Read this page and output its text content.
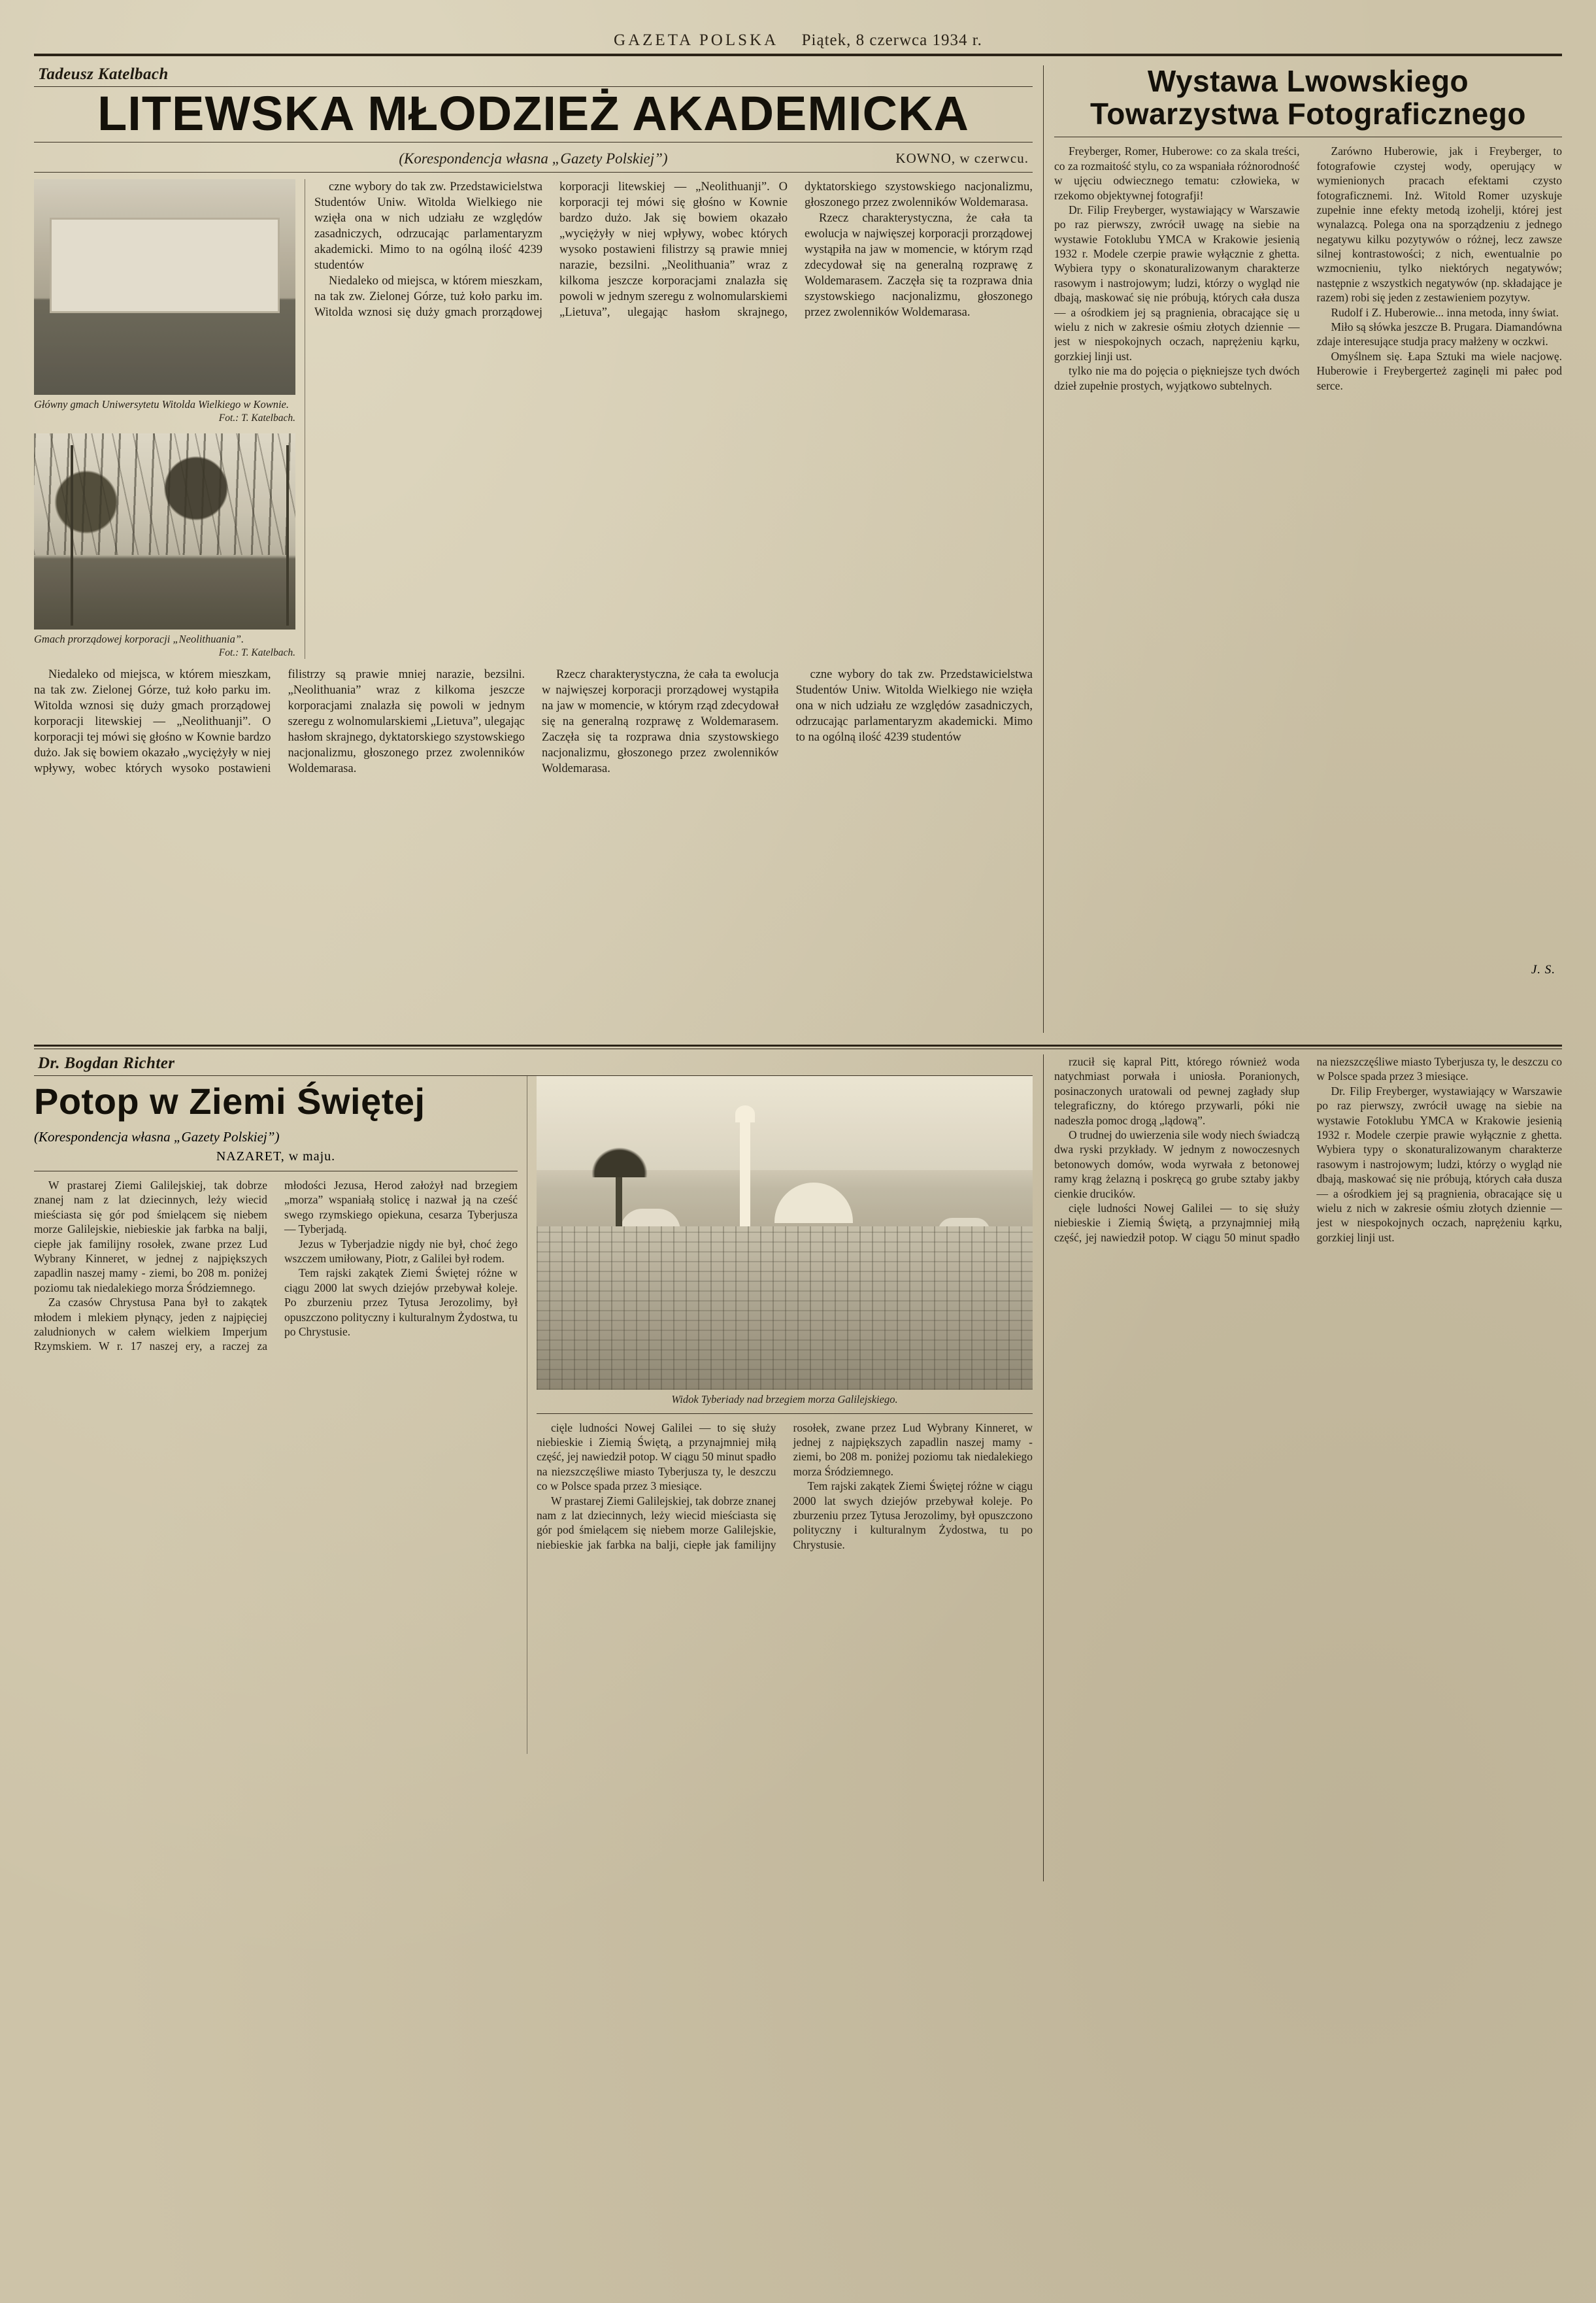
GAZETA POLSKA Piątek, 8 czerwca 1934 r.
Tadeusz Katelbach
LITEWSKA MŁODZIEŻ AKADEMICKA
(Korespondencja własna „Gazety Polskiej”)	KOWNO, w czerwcu.
Główny gmach Uniwersytetu Witolda Wielkiego w Kownie.
Fot.: T. Katelbach.
Gmach prorządowej korporacji „Neolithuania”.
Fot.: T. Katelbach.

czne wybory do tak zw. Przedstawicielstwa Studentów Uniw. Witolda Wielkiego nie wzięła ona w nich udziału ze względów zasadniczych, odrzucając parlamentaryzm akademicki. Mimo to na ogólną ilość 4239 studentów

Niedaleko od miejsca, w którem mieszkam, na tak zw. Zielonej Górze, tuż koło parku im. Witolda wznosi się duży gmach prorządowej korporacji litewskiej — „Neolithuanji”. O korporacji tej mówi się głośno w Kownie bardzo dużo. Jak się bowiem okazało „wyciężyły w niej wpływy, wobec których wysoko postawieni filistrzy są prawie mniej narazie, bezsilni. „Neolithuania” wraz z kilkoma jeszcze korporacjami znalazła się powoli w jednym szeregu z wolnomularskiemi „Lietuva”, ulegając hasłom skrajnego, dyktatorskiego szystowskiego nacjonalizmu, głoszonego przez zwolenników Woldemarasa.

Rzecz charakterystyczna, że cała ta ewolucja w najwięszej korporacji prorządowej wystąpiła na jaw w momencie, w którym rząd zdecydował się na generalną rozprawę z Woldemarasem. Zaczęła się ta rozprawa dnia szystowskiego nacjonalizmu, głoszonego przez zwolenników Woldemarasa.

Niedaleko od miejsca, w którem mieszkam, na tak zw. Zielonej Górze, tuż koło parku im. Witolda wznosi się duży gmach prorządowej korporacji litewskiej — „Neolithuanji”. O korporacji tej mówi się głośno w Kownie bardzo dużo. Jak się bowiem okazało „wyciężyły w niej wpływy, wobec których wysoko postawieni filistrzy są prawie mniej narazie, bezsilni. „Neolithuania” wraz z kilkoma jeszcze korporacjami znalazła się powoli w jednym szeregu z wolnomularskiemi „Lietuva”, ulegając hasłom skrajnego, dyktatorskiego szystowskiego nacjonalizmu, głoszonego przez zwolenników Woldemarasa.

Rzecz charakterystyczna, że cała ta ewolucja w najwięszej korporacji prorządowej wystąpiła na jaw w momencie, w którym rząd zdecydował się na generalną rozprawę z Woldemarasem. Zaczęła się ta rozprawa dnia szystowskiego nacjonalizmu, głoszonego przez zwolenników Woldemarasa.

czne wybory do tak zw. Przedstawicielstwa Studentów Uniw. Witolda Wielkiego nie wzięła ona w nich udziału ze względów zasadniczych, odrzucając parlamentaryzm akademicki. Mimo to na ogólną ilość 4239 studentów

Wystawa Lwowskiego Towarzystwa Fotograficznego

Freyberger, Romer, Huberowe: co za skala treści, co za rozmaitość stylu, co za wspaniała różnorodność w ujęciu odwiecznego tematu: człowieka, w rzekomo objektywnej fotografji!

Dr. Filip Freyberger, wystawiający w Warszawie po raz pierwszy, zwrócił uwagę na siebie na wystawie Fotoklubu YMCA w Krakowie jesienią 1932 r. Modele czerpie prawie wyłącznie z ghetta. Wybiera typy o skonaturalizowanym charakterze rasowym i nastrojowym; ludzi, którzy o wygląd nie dbają, maskować się nie próbują, których cała dusza — a ośrodkiem jej są pragnienia, obracające się u wielu z nich w zakresie ośmiu złotych dziennie — jest w niespokojnych oczach, naprężeniu kąrku, gorzkiej linji ust.

tylko nie ma do pojęcia o piękniejsze tych dwóch dzieł zupełnie prostych, wyjątkowo subtelnych.

Zarówno Huberowie, jak i Freyberger, to fotografowie czystej wody, operujący w wymienionych pracach efektami czysto fotograficznemi. Inż. Witold Romer uzyskuje zupełnie inne efekty metodą izohelji, której jest wynalazcą. Polega ona na sporządzeniu z jednego negatywu kilku pozytywów o różnej, lecz zawsze silnej kontrastowości; z nich, ewentualnie po wzmocnieniu, tylko niektórych negatywów; następnie z wszystkich negatywów (np. składające je razem) robi się jeden z zestawieniem pozytyw.

Rudolf i Z. Huberowie... inna metoda, inny świat.

Miło są słówka jeszcze B. Prugara. Diamandówna zdaje interesujące studja pracy małżeny w oczkwi.

Omyślnem się. Łapa Sztuki ma wiele nacjowę. Huberowie i Freybergerteż zaginęli mi pałec pod serce.

J. S.
Dr. Bogdan Richter
Potop w Ziemi Świętej
(Korespondencja własna „Gazety Polskiej”)
NAZARET, w maju.

W prastarej Ziemi Galilejskiej, tak dobrze znanej nam z lat dziecinnych, leży wiecid mieściasta się gór pod śmielącem się niebem morze Galilejskie, niebieskie jak farbka na balji, ciepłe jak familijny rosołek, zwane przez Lud Wybrany Kinneret, w jednej z najpiększych zapadlin naszej mamy - ziemi, bo 208 m. poniżej poziomu tak niedalekiego morza Śródziemnego.

Za czasów Chrystusa Pana był to zakątek młodem i mlekiem płynący, jeden z najpięciej zaludnionych w całem wielkiem Imperjum Rzymskiem. W r. 17 naszej ery, a raczej za młodości Jezusa, Herod założył nad brzegiem „morza” wspaniałą stolicę i nazwał ją na cześć swego rzymskiego opiekuna, cesarza Tyberjusza — Tyberjadą.

Jezus w Tyberjadzie nigdy nie był, choć żego wszczem umiłowany, Piotr, z Galilei był rodem.

Tem rajski zakątek Ziemi Świętej różne w ciągu 2000 lat swych dziejów przebywał koleje. Po zburzeniu przez Tytusa Jerozolimy, był opuszczono polityczny i kulturalnym Żydostwa, tu po Chrystusie.

Widok Tyberiady nad brzegiem morza Galilejskiego.

cięle ludności Nowej Galilei — to się służy niebieskie i Ziemią Świętą, a przynajmniej miłą część, jej nawiedził potop. W ciągu 50 minut spadło na niezszczęśliwe miasto Tyberjusza ty, le deszczu co w Polsce spada przez 3 miesiące.

W prastarej Ziemi Galilejskiej, tak dobrze znanej nam z lat dziecinnych, leży wiecid mieściasta się gór pod śmielącem się niebem morze Galilejskie, niebieskie jak farbka na balji, ciepłe jak familijny rosołek, zwane przez Lud Wybrany Kinneret, w jednej z najpiększych zapadlin naszej mamy - ziemi, bo 208 m. poniżej poziomu tak niedalekiego morza Śródziemnego.

Tem rajski zakątek Ziemi Świętej różne w ciągu 2000 lat swych dziejów przebywał koleje. Po zburzeniu przez Tytusa Jerozolimy, był opuszczono polityczny i kulturalnym Żydostwa, tu po Chrystusie.

rzucił się kapral Pitt, którego również woda natychmiast porwała i uniosła. Poranionych, posinaczonych uratowali od pewnej zagłady słup telegraficzny, do którego przywarli, póki nie nadeszła pomoc drogą „lądową”.

O trudnej do uwierzenia sile wody niech świadczą dwa ryski przykłady. W jednym z nowoczesnych betonowych domów, woda wyrwała z betonowej ramy krąg żelazną i poskręcą go grube sztaby jakby cienkie drucików.

cięle ludności Nowej Galilei — to się służy niebieskie i Ziemią Świętą, a przynajmniej miłą część, jej nawiedził potop. W ciągu 50 minut spadło na niezszczęśliwe miasto Tyberjusza ty, le deszczu co w Polsce spada przez 3 miesiące.

Dr. Filip Freyberger, wystawiający w Warszawie po raz pierwszy, zwrócił uwagę na siebie na wystawie Fotoklubu YMCA w Krakowie jesienią 1932 r. Modele czerpie prawie wyłącznie z ghetta. Wybiera typy o skonaturalizowanym charakterze rasowym i nastrojowym; ludzi, którzy o wygląd nie dbają, maskować się nie próbują, których cała dusza — a ośrodkiem jej są pragnienia, obracające się u wielu z nich w zakresie ośmiu złotych dziennie — jest w niespokojnych oczach, naprężeniu kąrku, gorzkiej linji ust.
